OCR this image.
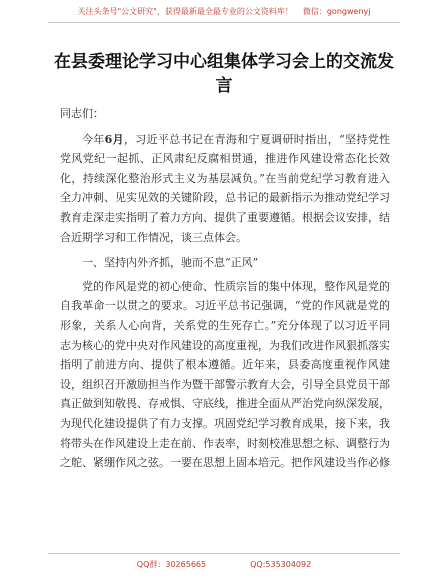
关注头条号"公文研究"，获得最新最全最专业的公文资料库！ 微信：gongwenyj
在县委理论学习中心组集体学习会上的交流发言

同志们：

今年6月，习近平总书记在青海和宁夏调研时指出，“坚持党性党风党纪一起抓、正风肃纪反腐相贯通，推进作风建设常态化长效化，持续深化整治形式主义为基层减负。”在当前党纪学习教育进入全力冲刺、见实见效的关键阶段，总书记的最新指示为推动党纪学习教育走深走实指明了着力方向、提供了重要遵循。根据会议安排，结合近期学习和工作情况，谈三点体会。

一、坚持内外齐抓，驰而不息“正风”

党的作风是党的初心使命、性质宗旨的集中体现，整作风是党的自我革命一以贯之的要求。习近平总书记强调，“党的作风就是党的形象，关系人心向背，关系党的生死存亡。”充分体现了以习近平同志为核心的党中央对作风建设的高度重视，为我们改进作风狠抓落实指明了前进方向、提供了根本遵循。近年来，县委高度重视作风建设，组织召开激励担当作为暨干部警示教育大会，引导全县党员干部真正做到知敬畏、存戒惧、守底线，推进全面从严治党向纵深发展，为现代化建设提供了有力支撑。巩固党纪学习教育成果，接下来，我将带头在作风建设上走在前、作表率，时刻校准思想之标、调整行为之舵、紧绷作风之弦。一要在思想上固本培元。把作风建设当作必修

QQ群：30265665	QQ:535304092
